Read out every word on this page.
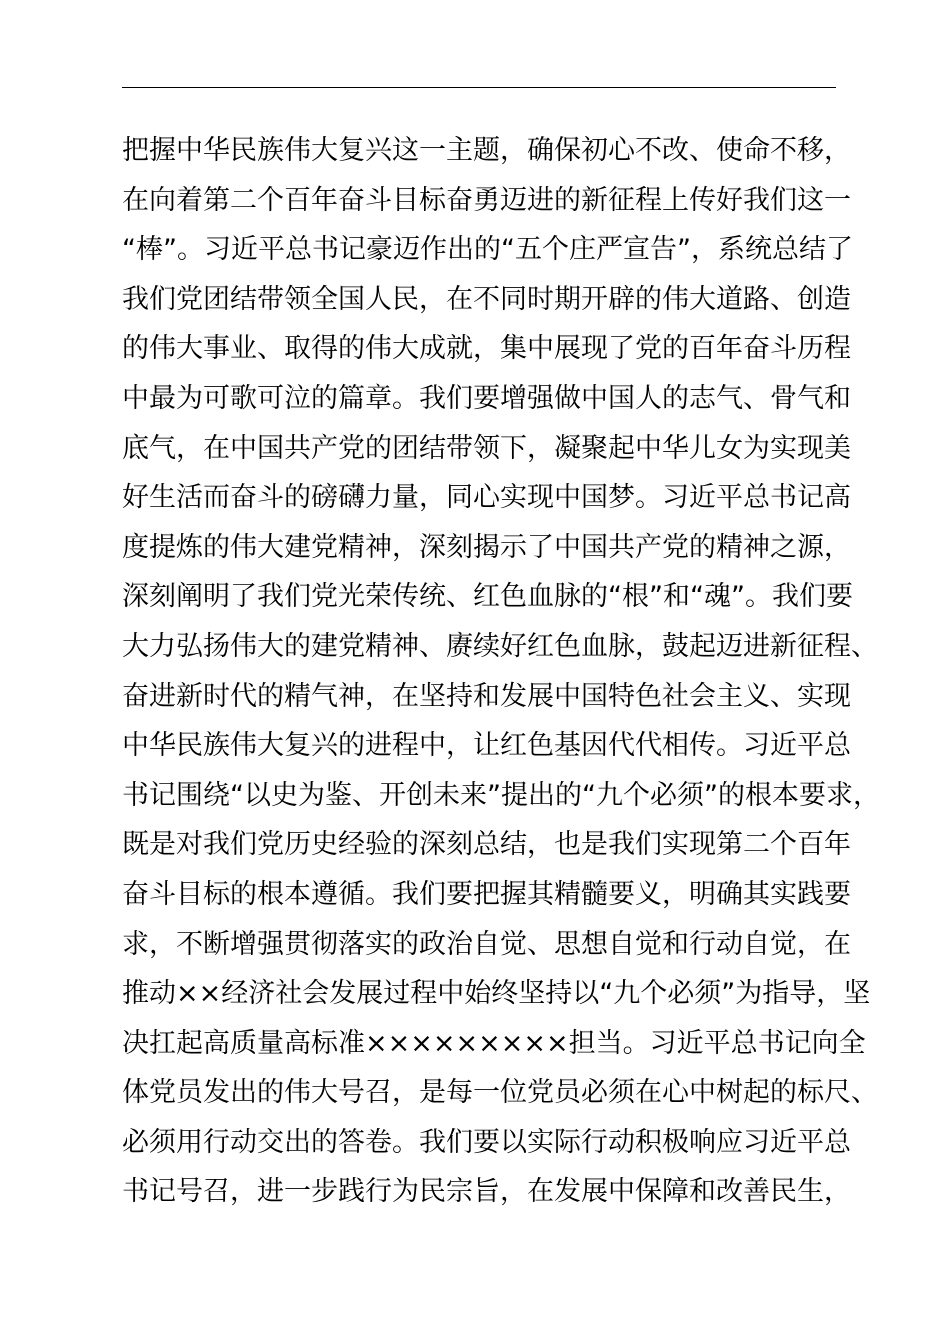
把握中华民族伟大复兴这一主题，确保初心不改、使命不移，
在向着第二个百年奋斗目标奋勇迈进的新征程上传好我们这一
“棒”。习近平总书记豪迈作出的“五个庄严宣告”，系统总结了
我们党团结带领全国人民，在不同时期开辟的伟大道路、创造
的伟大事业、取得的伟大成就，集中展现了党的百年奋斗历程
中最为可歌可泣的篇章。我们要增强做中国人的志气、骨气和
底气，在中国共产党的团结带领下，凝聚起中华儿女为实现美
好生活而奋斗的磅礴力量，同心实现中国梦。习近平总书记高
度提炼的伟大建党精神，深刻揭示了中国共产党的精神之源，
深刻阐明了我们党光荣传统、红色血脉的“根”和“魂”。我们要
大力弘扬伟大的建党精神、赓续好红色血脉，鼓起迈进新征程、
奋进新时代的精气神，在坚持和发展中国特色社会主义、实现
中华民族伟大复兴的进程中，让红色基因代代相传。习近平总
书记围绕“以史为鉴、开创未来”提出的“九个必须”的根本要求，
既是对我们党历史经验的深刻总结，也是我们实现第二个百年
奋斗目标的根本遵循。我们要把握其精髓要义，明确其实践要
求，不断增强贯彻落实的政治自觉、思想自觉和行动自觉，在
推动××经济社会发展过程中始终坚持以“九个必须”为指导，坚
决扛起高质量高标准×××××××××担当。习近平总书记向全
体党员发出的伟大号召，是每一位党员必须在心中树起的标尺、
必须用行动交出的答卷。我们要以实际行动积极响应习近平总
书记号召，进一步践行为民宗旨，在发展中保障和改善民生，
